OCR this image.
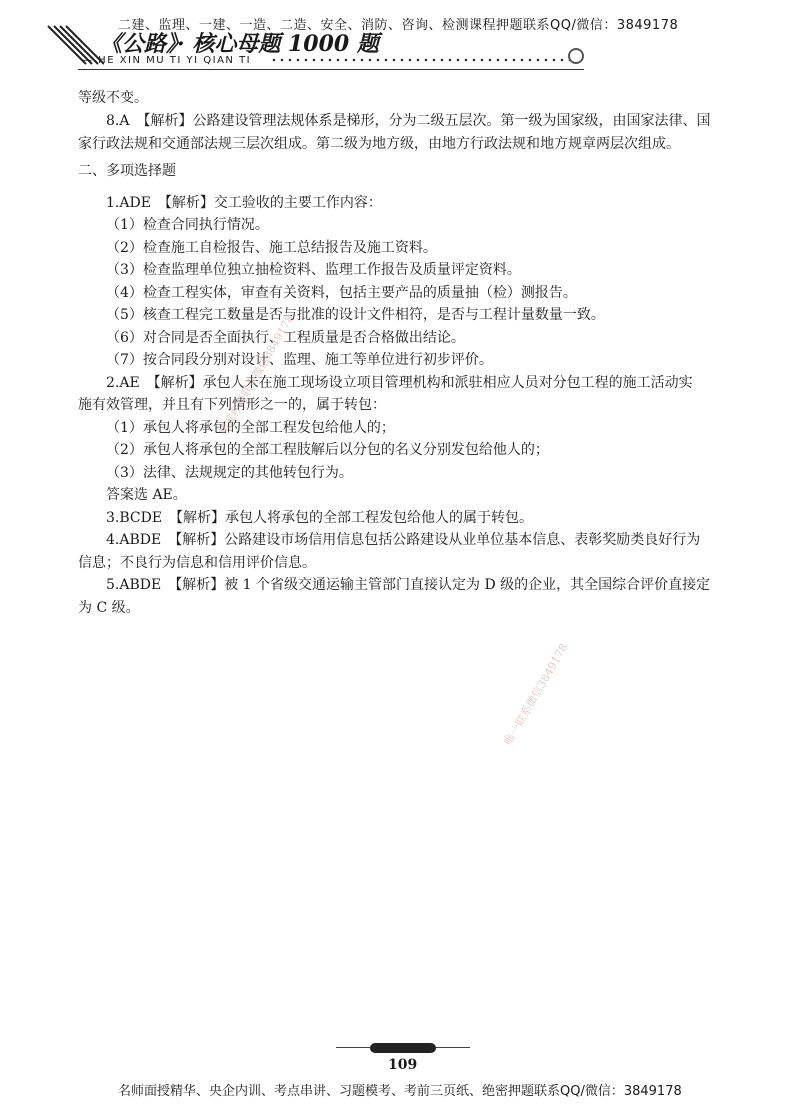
二建、监理、一建、一造、二造、安全、消防、咨询、检测课程押题联系QQ/微信：3849178
《公路》· 核心母题 1000 题
— HE XIN MU TI YI QIAN TI
等级不变。
8.A　【解析】公路建设管理法规体系是梯形，分为二级五层次。第一级为国家级，由国家法律、国
家行政法规和交通部法规三层次组成。第二级为地方级，由地方行政法规和地方规章两层次组成。
二、多项选择题
1.ADE　【解析】交工验收的主要工作内容：
（1）检查合同执行情况。
（2）检查施工自检报告、施工总结报告及施工资料。
（3）检查监理单位独立抽检资料、监理工作报告及质量评定资料。
（4）检查工程实体，审查有关资料，包括主要产品的质量抽（检）测报告。
（5）核查工程完工数量是否与批准的设计文件相符，是否与工程计量数量一致。
（6）对合同是否全面执行、工程质量是否合格做出结论。
（7）按合同段分别对设计、监理、施工等单位进行初步评价。
2.AE　【解析】承包人未在施工现场设立项目管理机构和派驻相应人员对分包工程的施工活动实
施有效管理，并且有下列情形之一的，属于转包：
（1）承包人将承包的全部工程发包给他人的；
（2）承包人将承包的全部工程肢解后以分包的名义分别发包给他人的；
（3）法律、法规规定的其他转包行为。
答案选 AE。
3.BCDE　【解析】承包人将承包的全部工程发包给他人的属于转包。
4.ABDE　【解析】公路建设市场信用信息包括公路建设从业单位基本信息、表彰奖励类良好行为
信息；不良行为信息和信用评价信息。
5.ABDE　【解析】被 1 个省级交通运输主管部门直接认定为 D 级的企业，其全国综合评价直接定
为 C 级。
精准押题联系微信3849178
唯一联系微信3849178
109
名师面授精华、央企内训、考点串讲、习题模考、考前三页纸、绝密押题联系QQ/微信：3849178
